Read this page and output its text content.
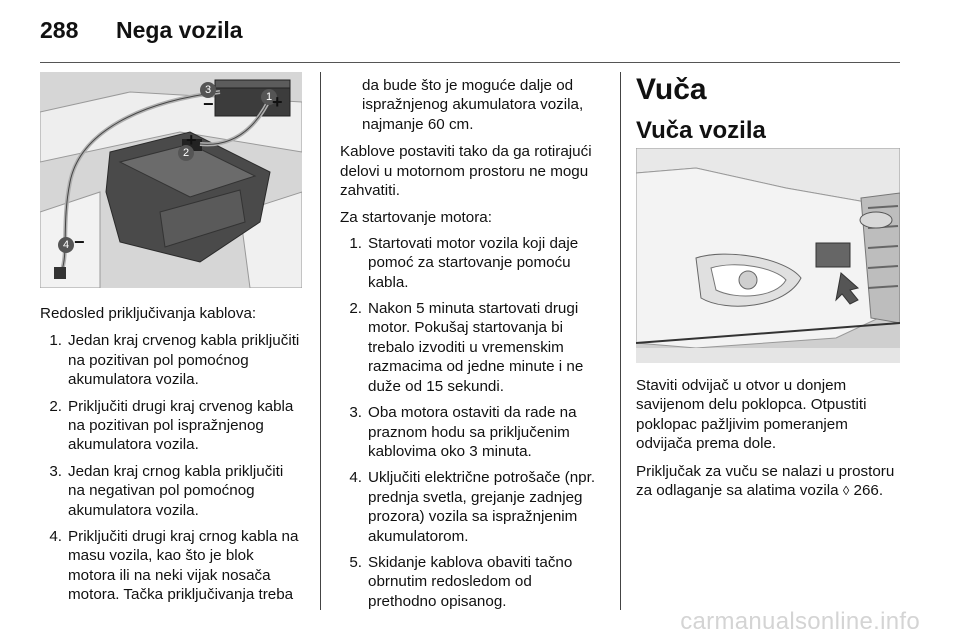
288	Nega vozila
1
2
3
4
+
+
−
−

Redosled priključivanja kablova:

1. Jedan kraj crvenog kabla priključiti na pozitivan pol pomoćnog akumulatora vozila.
2. Priključiti drugi kraj crvenog kabla na pozitivan pol ispražnjenog akumulatora vozila.
3. Jedan kraj crnog kabla priključiti na negativan pol pomoćnog akumulatora vozila.
4. Priključiti drugi kraj crnog kabla na masu vozila, kao što je blok motora ili na neki vijak nosača motora. Tačka priključivanja treba
da bude što je moguće dalje od ispražnjenog akumulatora vozila, najmanje 60 cm.

Kablove postaviti tako da ga rotirajući delovi u motornom prostoru ne mogu zahvatiti.

Za startovanje motora:

1. Startovati motor vozila koji daje pomoć za startovanje pomoću kabla.
2. Nakon 5 minuta startovati drugi motor. Pokušaj startovanja bi trebalo izvoditi u vremenskim razmacima od jedne minute i ne duže od 15 sekundi.
3. Oba motora ostaviti da rade na praznom hodu sa priključenim kablovima oko 3 minuta.
4. Uključiti električne potrošače (npr. prednja svetla, grejanje zadnjeg prozora) vozila sa ispražnjenim akumulatorom.
5. Skidanje kablova obaviti tačno obrnutim redosledom od prethodno opisanog.
Vuča
Vuča vozila

Staviti odvijač u otvor u donjem savijenom delu poklopca. Otpustiti poklopac pažljivim pomeranjem odvijača prema dole.

Priključak za vuču se nalazi u prostoru za odlaganje sa alatima vozila ◊ 266.

carmanualsonline.info
